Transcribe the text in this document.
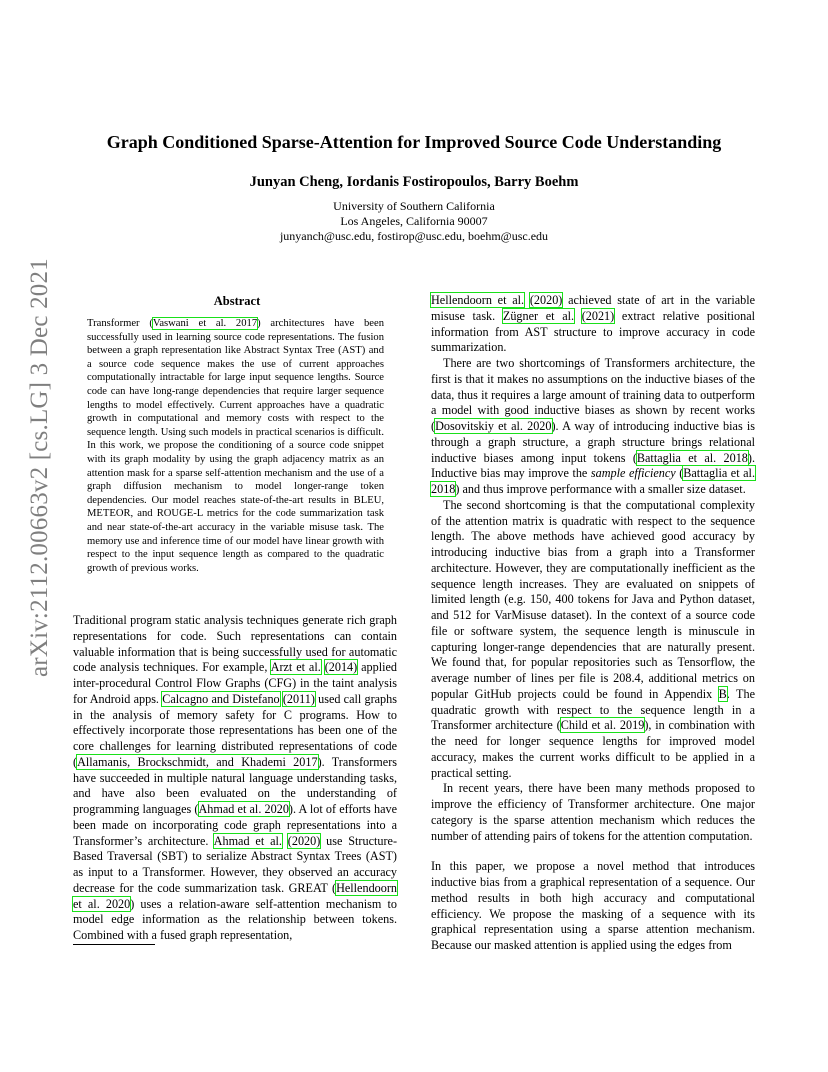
Graph Conditioned Sparse-Attention for Improved Source Code Understanding
Junyan Cheng, Iordanis Fostiropoulos, Barry Boehm
University of Southern California
Los Angeles, California 90007
junyanch@usc.edu, fostirop@usc.edu, boehm@usc.edu
arXiv:2112.00663v2 [cs.LG] 3 Dec 2021	Abstract
Transformer (Vaswani et al. 2017) architectures have been successfully used in learning source code representations. The fusion between a graph representation like Abstract Syntax Tree (AST) and a source code sequence makes the use of current approaches computationally intractable for large input sequence lengths. Source code can have long-range dependencies that require larger sequence lengths to model effectively. Current approaches have a quadratic growth in computational and memory costs with respect to the sequence length. Using such models in practical scenarios is difficult. In this work, we propose the conditioning of a source code snippet with its graph modality by using the graph adjacency matrix as an attention mask for a sparse self-attention mechanism and the use of a graph diffusion mechanism to model longer-range token dependencies. Our model reaches state-of-the-art results in BLEU, METEOR, and ROUGE-L metrics for the code summarization task and near state-of-the-art accuracy in the variable misuse task. The memory use and inference time of our model have linear growth with respect to the input sequence length as compared to the quadratic growth of previous works.

Traditional program static analysis techniques generate rich graph representations for code. Such representations can contain valuable information that is being successfully used for automatic code analysis techniques. For example, Arzt et al. (2014) applied inter-procedural Control Flow Graphs (CFG) in the taint analysis for Android apps. Calcagno and Distefano (2011) used call graphs in the analysis of memory safety for C programs. How to effectively incorporate those representations has been one of the core challenges for learning distributed representations of code (Allamanis, Brockschmidt, and Khademi 2017). Transformers have succeeded in multiple natural language understanding tasks, and have also been evaluated on the understanding of programming languages (Ahmad et al. 2020). A lot of efforts have been made on incorporating code graph representations into a Transformer’s architecture. Ahmad et al. (2020) use Structure-Based Traversal (SBT) to serialize Abstract Syntax Trees (AST) as input to a Transformer. However, they observed an accuracy decrease for the code summarization task. GREAT (Hellendoorn et al. 2020) uses a relation-aware self-attention mechanism to model edge information as the relationship between tokens. Combined with a fused graph representation,

Hellendoorn et al. (2020) achieved state of art in the variable misuse task. Zügner et al. (2021) extract relative positional information from AST structure to improve accuracy in code summarization.

There are two shortcomings of Transformers architecture, the first is that it makes no assumptions on the inductive biases of the data, thus it requires a large amount of training data to outperform a model with good inductive biases as shown by recent works (Dosovitskiy et al. 2020). A way of introducing inductive bias is through a graph structure, a graph structure brings relational inductive biases among input tokens (Battaglia et al. 2018). Inductive bias may improve the sample efficiency (Battaglia et al. 2018) and thus improve performance with a smaller size dataset.

The second shortcoming is that the computational complexity of the attention matrix is quadratic with respect to the sequence length. The above methods have achieved good accuracy by introducing inductive bias from a graph into a Transformer architecture. However, they are computationally inefficient as the sequence length increases. They are evaluated on snippets of limited length (e.g. 150, 400 tokens for Java and Python dataset, and 512 for VarMisuse dataset). In the context of a source code file or software system, the sequence length is minuscule in capturing longer-range dependencies that are naturally present. We found that, for popular repositories such as Tensorflow, the average number of lines per file is 208.4, additional metrics on popular GitHub projects could be found in Appendix B. The quadratic growth with respect to the sequence length in a Transformer architecture (Child et al. 2019), in combination with the need for longer sequence lengths for improved model accuracy, makes the current works difficult to be applied in a practical setting.

In recent years, there have been many methods proposed to improve the efficiency of Transformer architecture. One major category is the sparse attention mechanism which reduces the number of attending pairs of tokens for the attention computation.

In this paper, we propose a novel method that introduces inductive bias from a graphical representation of a sequence. Our method results in both high accuracy and computational efficiency. We propose the masking of a sequence with its graphical representation using a sparse attention mechanism. Because our masked attention is applied using the edges from
